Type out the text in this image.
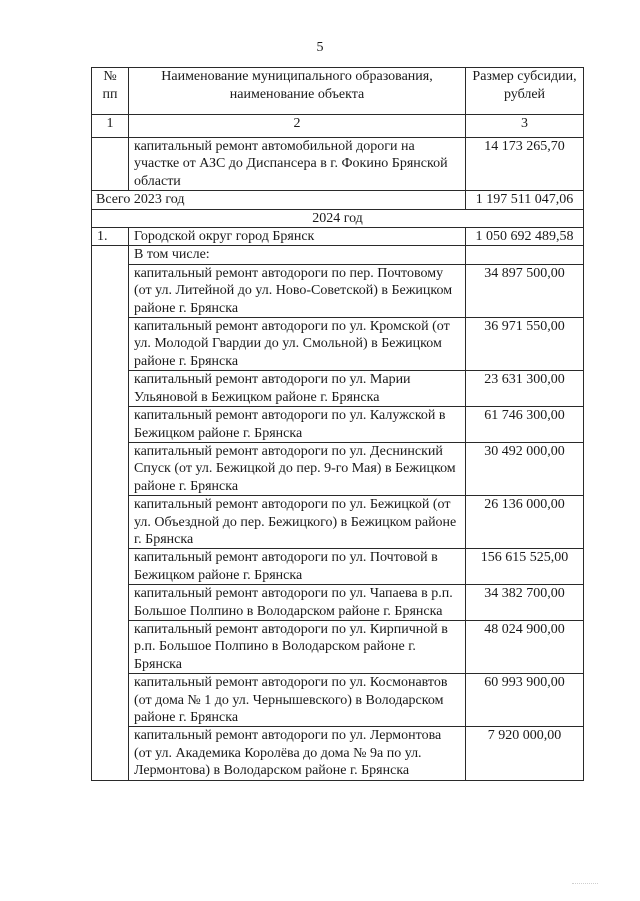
5
№ пп	Наименование муниципального образования, наименование объекта	Размер субсидии, рублей
1	2	3
	капитальный ремонт автомобильной дороги на участке от АЗС до Диспансера в г. Фокино Брянской области	14 173 265,70
Всего 2023 год		1 197 511 047,06
2024 год		
1.	Городской округ город Брянск	1 050 692 489,58
	В том числе:	
	капитальный ремонт автодороги по пер. Почтовому (от ул. Литейной до ул. Ново-Советской) в Бежицком районе г. Брянска	34 897 500,00
	капитальный ремонт автодороги по ул. Кромской (от ул. Молодой Гвардии до ул. Смольной) в Бежицком районе г. Брянска	36 971 550,00
	капитальный ремонт автодороги по ул. Марии Ульяновой в Бежицком районе г. Брянска	23 631 300,00
	капитальный ремонт автодороги по ул. Калужской в Бежицком районе г. Брянска	61 746 300,00
	капитальный ремонт автодороги по ул. Деснинский Спуск (от ул. Бежицкой до пер. 9-го Мая) в Бежицком районе г. Брянска	30 492 000,00
	капитальный ремонт автодороги по ул. Бежицкой (от ул. Объездной до пер. Бежицкого) в Бежицком районе г. Брянска	26 136 000,00
	капитальный ремонт автодороги по ул. Почтовой в Бежицком районе г. Брянска	156 615 525,00
	капитальный ремонт автодороги по ул. Чапаева в р.п. Большое Полпино в Володарском районе г. Брянска	34 382 700,00
	капитальный ремонт автодороги по ул. Кирпичной в р.п. Большое Полпино в Володарском районе г. Брянска	48 024 900,00
	капитальный ремонт автодороги по ул. Космонавтов (от дома № 1 до ул. Чернышевского) в Володарском районе г. Брянска	60 993 900,00
	капитальный ремонт автодороги по ул. Лермонтова (от ул. Академика Королёва до дома № 9а по ул. Лермонтова) в Володарском районе г. Брянска	7 920 000,00
